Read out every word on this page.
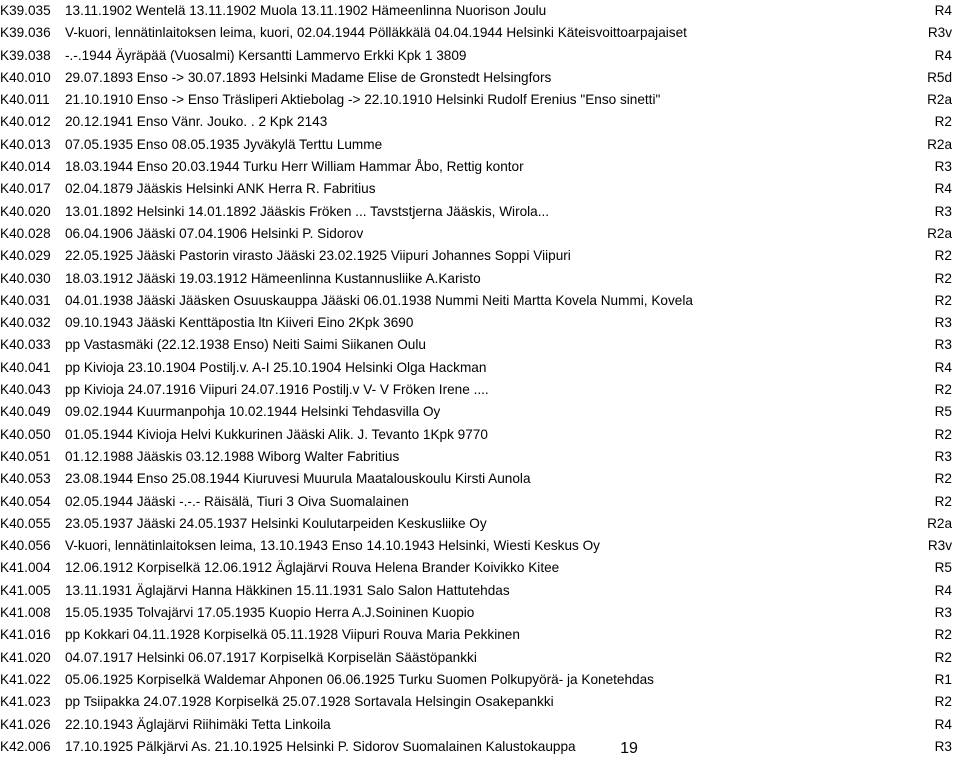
K39.035 13.11.1902 Wentelä 13.11.1902 Muola 13.11.1902 Hämeenlinna Nuorison Joulu	R4
K39.036 V-kuori, lennätinlaitoksen leima, kuori, 02.04.1944 Pölläkkälä 04.04.1944 Helsinki Käteisvoittoarpajaiset	R3v
K39.038 -.-.1944 Äyräpää (Vuosalmi) Kersantti Lammervo Erkki Kpk 1 3809	R4
K40.010 29.07.1893 Enso -> 30.07.1893 Helsinki Madame Elise de Gronstedt Helsingfors	R5d
K40.011 21.10.1910 Enso -> Enso Träsliperi Aktiebolag -> 22.10.1910 Helsinki Rudolf Erenius "Enso sinetti"	R2a
K40.012 20.12.1941 Enso Vänr. Jouko. . 2 Kpk 2143	R2
K40.013 07.05.1935 Enso 08.05.1935 Jyväkylä Terttu Lumme	R2a
K40.014 18.03.1944 Enso 20.03.1944 Turku Herr William Hammar Åbo, Rettig kontor	R3
K40.017 02.04.1879 Jääskis Helsinki ANK Herra R. Fabritius	R4
K40.020 13.01.1892 Helsinki 14.01.1892 Jääskis Fröken ... Tavststjerna Jääskis, Wirola...	R3
K40.028 06.04.1906 Jääski 07.04.1906 Helsinki P. Sidorov	R2a
K40.029 22.05.1925 Jääski Pastorin virasto Jääski 23.02.1925 Viipuri Johannes Soppi Viipuri	R2
K40.030 18.03.1912 Jääski 19.03.1912 Hämeenlinna Kustannusliike A.Karisto	R2
K40.031 04.01.1938 Jääski Jääsken Osuuskauppa Jääski 06.01.1938 Nummi Neiti Martta Kovela Nummi, Kovela	R2
K40.032 09.10.1943 Jääski Kenttäpostia ltn Kiiveri Eino 2Kpk 3690	R3
K40.033 pp Vastasmäki (22.12.1938 Enso) Neiti Saimi Siikanen Oulu	R3
K40.041 pp Kivioja 23.10.1904 Postilj.v. A-I 25.10.1904 Helsinki Olga Hackman	R4
K40.043 pp Kivioja 24.07.1916 Viipuri 24.07.1916 Postilj.v V- V Fröken Irene ....	R2
K40.049 09.02.1944 Kuurmanpohja 10.02.1944 Helsinki Tehdasvilla Oy	R5
K40.050 01.05.1944 Kivioja Helvi Kukkurinen Jääski Alik. J. Tevanto 1Kpk 9770	R2
K40.051 01.12.1988 Jääskis 03.12.1988 Wiborg Walter Fabritius	R3
K40.053 23.08.1944 Enso 25.08.1944 Kiuruvesi Muurula Maatalouskoulu Kirsti Aunola	R2
K40.054 02.05.1944 Jääski -.-.- Räisälä, Tiuri 3 Oiva Suomalainen	R2
K40.055 23.05.1937 Jääski 24.05.1937 Helsinki Koulutarpeiden Keskusliike Oy	R2a
K40.056 V-kuori, lennätinlaitoksen leima, 13.10.1943 Enso 14.10.1943 Helsinki, Wiesti Keskus Oy	R3v
K41.004 12.06.1912 Korpiselkä 12.06.1912 Äglajärvi Rouva Helena Brander Koivikko Kitee	R5
K41.005 13.11.1931 Äglajärvi Hanna Häkkinen 15.11.1931 Salo Salon Hattutehdas	R4
K41.008 15.05.1935 Tolvajärvi 17.05.1935 Kuopio Herra A.J.Soininen Kuopio	R3
K41.016 pp Kokkari 04.11.1928 Korpiselkä 05.11.1928 Viipuri Rouva Maria Pekkinen	R2
K41.020 04.07.1917 Helsinki 06.07.1917 Korpiselkä Korpiselän Säästöpankki	R2
K41.022 05.06.1925 Korpiselkä Waldemar Ahponen 06.06.1925 Turku Suomen Polkupyörä- ja Konetehdas	R1
K41.023 pp Tsiipakka 24.07.1928 Korpiselkä 25.07.1928 Sortavala Helsingin Osakepankki	R2
K41.026 22.10.1943 Äglajärvi Riihimäki Tetta Linkoila	R4
K42.006 17.10.1925 Pälkjärvi As. 21.10.1925 Helsinki P. Sidorov Suomalainen Kalustokauppa	R3
19
